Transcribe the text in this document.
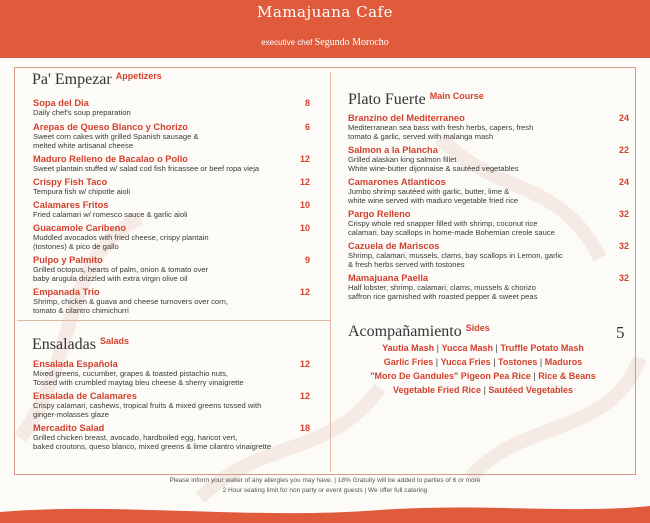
Mamajuana Cafe
executive chef Segundo Morocho
Pa' Empezar Appetizers
Sopa del Dia	8
Daily chef's soup preparation
Arepas de Queso Blanco y Chorizo	6
Sweet corn cakes with grilled Spanish sausage &
melted white artisanal cheese
Maduro Relleno de Bacalao o Pollo	12
Sweet plantain stuffed w/ salad cod fish fricassee or beef ropa vieja
Crispy Fish Taco	12
Tempura fish w/ chipotle aioli
Calamares Fritos	10
Fried calamari w/ romesco sauce & garlic aioli
Guacamole Caribeno	10
Muddled avocados with fried cheese, crispy plantain
(tostones) & pico de gallo
Pulpo y Palmito	9
Grilled octopus, hearts of palm, onion & tomato over
baby arugula drizzled with extra virgin olive oil
Empanada Trio	12
Shrimp, chicken & guava and cheese turnovers over corn,
tomato & cilantro chimichurri
Ensaladas Salads
Ensalada Española	12
Mixed greens, cucumber, grapes & toasted pistachio nuts,
Tossed with crumbled maytag bleu cheese & sherry vinaigrette
Ensalada de Calamares	12
Crispy calamari, cashews, tropical fruits & mixed greens tossed with
ginger-molasses glaze
Mercadito Salad	18
Grilled chicken breast, avocado, hardboiled egg, haricot vert,
baked croutons, queso blanco, mixed greens & lime cilantro vinaigrette
Plato Fuerte Main Course
Branzino del Mediterraneo	24
Mediterranean sea bass with fresh herbs, capers, fresh
tomato & garlic, served with malanga mash
Salmon a la Plancha	22
Grilled alaskan king salmon fillet
White wine-butter dijonnaise & sautéed vegetables
Camarones Atlanticos	24
Jumbo shrimp sautéed with garlic, butter, lime &
white wine served with maduro vegetable fried rice
Pargo Relleno	32
Crispy whole red snapper filled with shrimp, coconut rice
calamari, bay scallops in home-made Bohemian creole sauce
Cazuela de Mariscos	32
Shrimp, calamari, mussels, clams, bay scallops in Lemon, garlic
& fresh herbs served with tostones
Mamajuana Paella	32
Half lobster, shrimp, calamari, clams, mussels & chorizo
saffron rice garnished with roasted pepper & sweet peas
Acompañamiento Sides	5
Yautia Mash | Yucca Mash | Truffle Potato Mash
Garlic Fries | Yucca Fries | Tostones | Maduros
"Moro De Gandules" Pigeon Pea Rice | Rice & Beans
Vegetable Fried Rice | Sautéed Vegetables
Please inform your waiter of any allergies you may have. | 18% Gratuity will be added to parties of 6 or more
2 Hour seating limit for non party or event guests | We offer full catering
